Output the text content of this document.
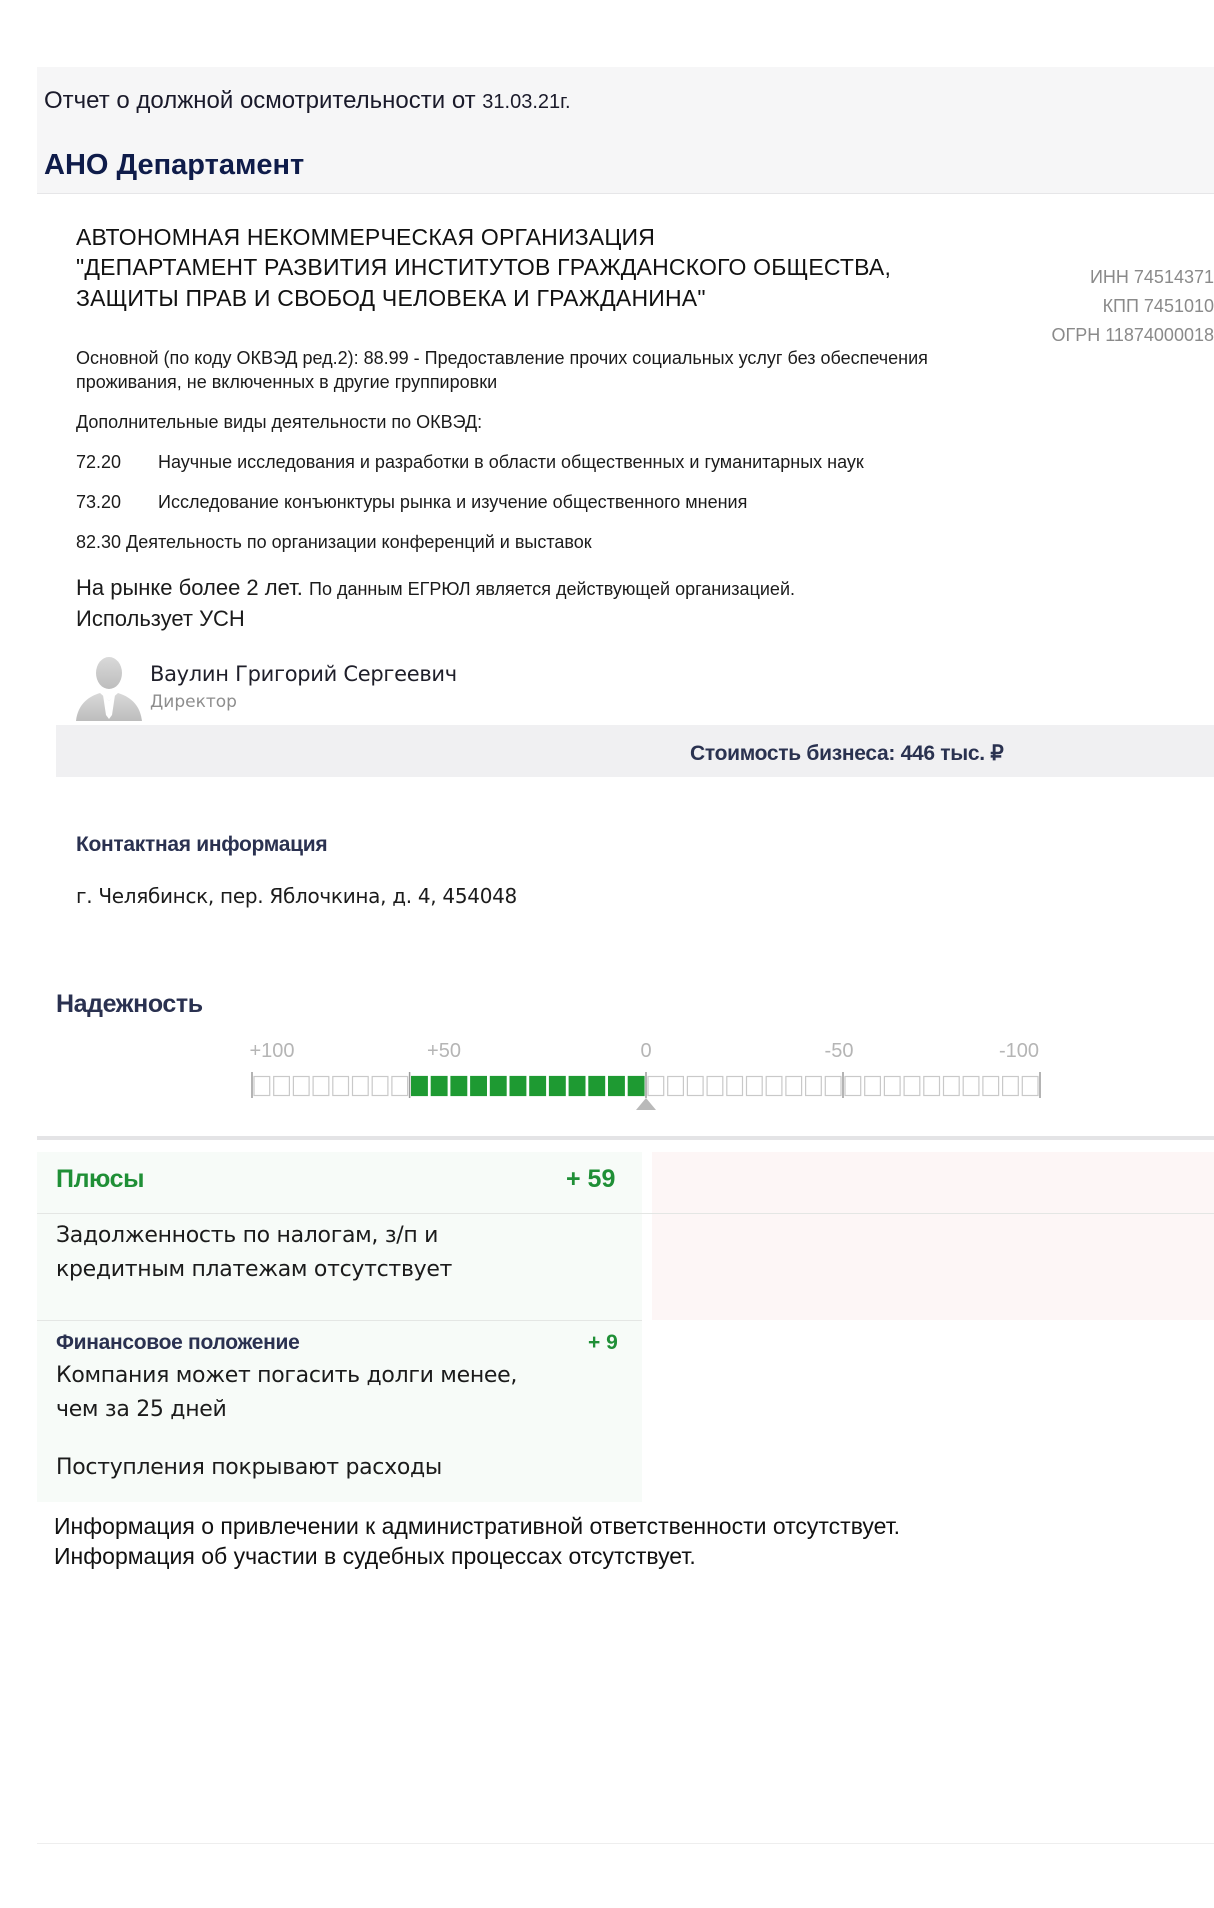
Отчет о должной осмотрительности от 31.03.21г.
АНО Департамент
АВТОНОМНАЯ НЕКОММЕРЧЕСКАЯ ОРГАНИЗАЦИЯ
"ДЕПАРТАМЕНТ РАЗВИТИЯ ИНСТИТУТОВ ГРАЖДАНСКОГО ОБЩЕСТВА,
ЗАЩИТЫ ПРАВ И СВОБОД ЧЕЛОВЕКА И ГРАЖДАНИНА"
ИНН 74514371
КПП 7451010
ОГРН 11874000018
Основной (по коду ОКВЭД ред.2): 88.99 - Предоставление прочих социальных услуг без обеспечения
проживания, не включенных в другие группировки
Дополнительные виды деятельности по ОКВЭД:
72.20 Научные исследования и разработки в области общественных и гуманитарных наук
73.20 Исследование конъюнктуры рынка и изучение общественного мнения
82.30 Деятельность по организации конференций и выставок
На рынке более 2 лет. По данным ЕГРЮЛ является действующей организацией.
Использует УСН
Ваулин Григорий Сергеевич
Директор
Стоимость бизнеса: 446 тыс. ₽
Контактная информация
г. Челябинск, пер. Яблочкина, д. 4, 454048
Надежность
+100	+50	0	-50	-100
Плюсы	+ 59
Задолженность по налогам, з/п и
кредитным платежам отсутствует
Финансовое положение	+ 9
Компания может погасить долги менее,
чем за 25 дней
Поступления покрывают расходы
Информация о привлечении к административной ответственности отсутствует.
Информация об участии в судебных процессах отсутствует.
